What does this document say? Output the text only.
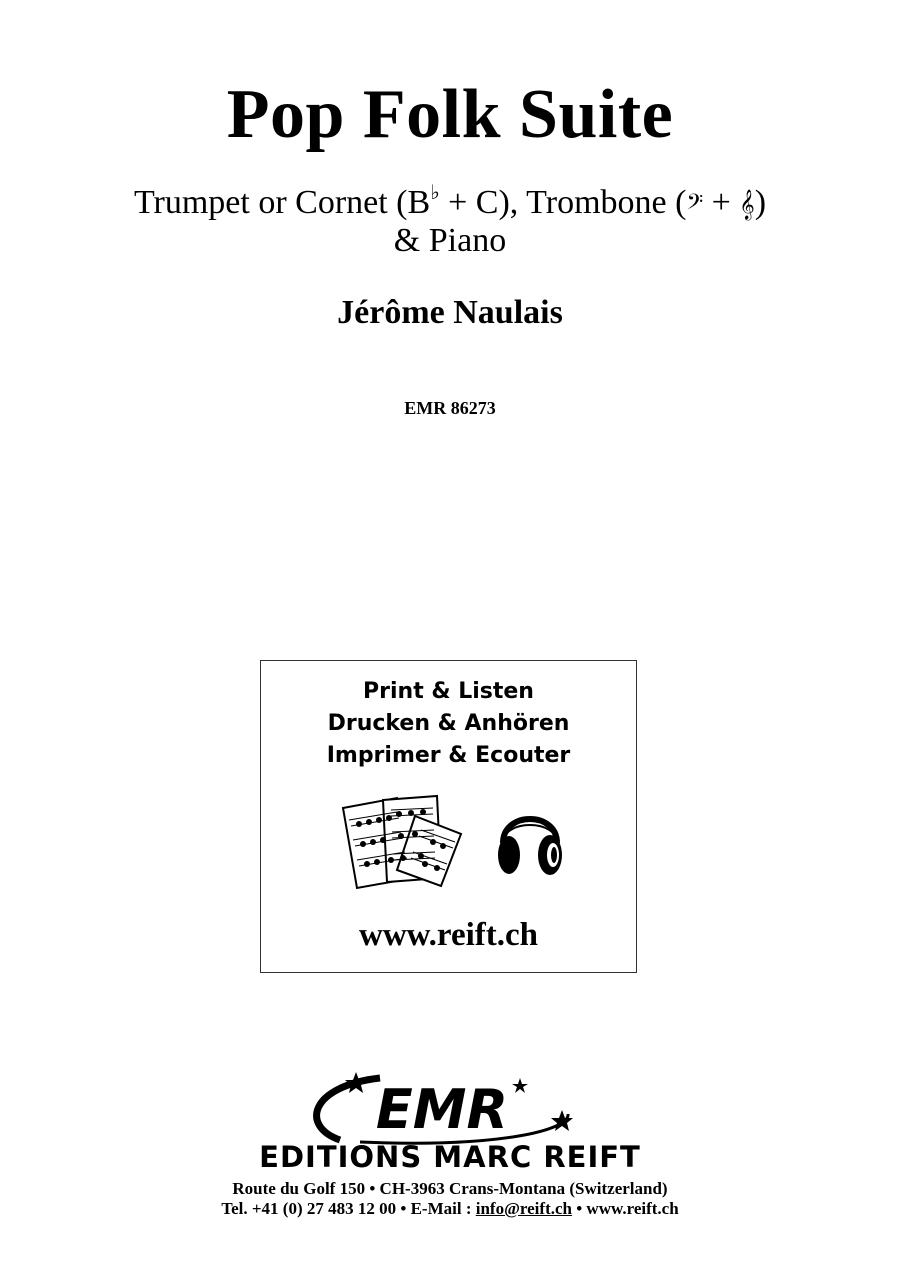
Pop Folk Suite
Trumpet or Cornet (B♭ + C), Trombone (𝄢 + 𝄞)
& Piano
Jérôme Naulais
EMR 86273
Print & Listen
Drucken & Anhören
Imprimer & Ecouter
www.reift.ch
EMR
EDITIONS MARC REIFT
Route du Golf 150 • CH-3963 Crans-Montana (Switzerland)
Tel. +41 (0) 27 483 12 00 • E-Mail : info@reift.ch • www.reift.ch
